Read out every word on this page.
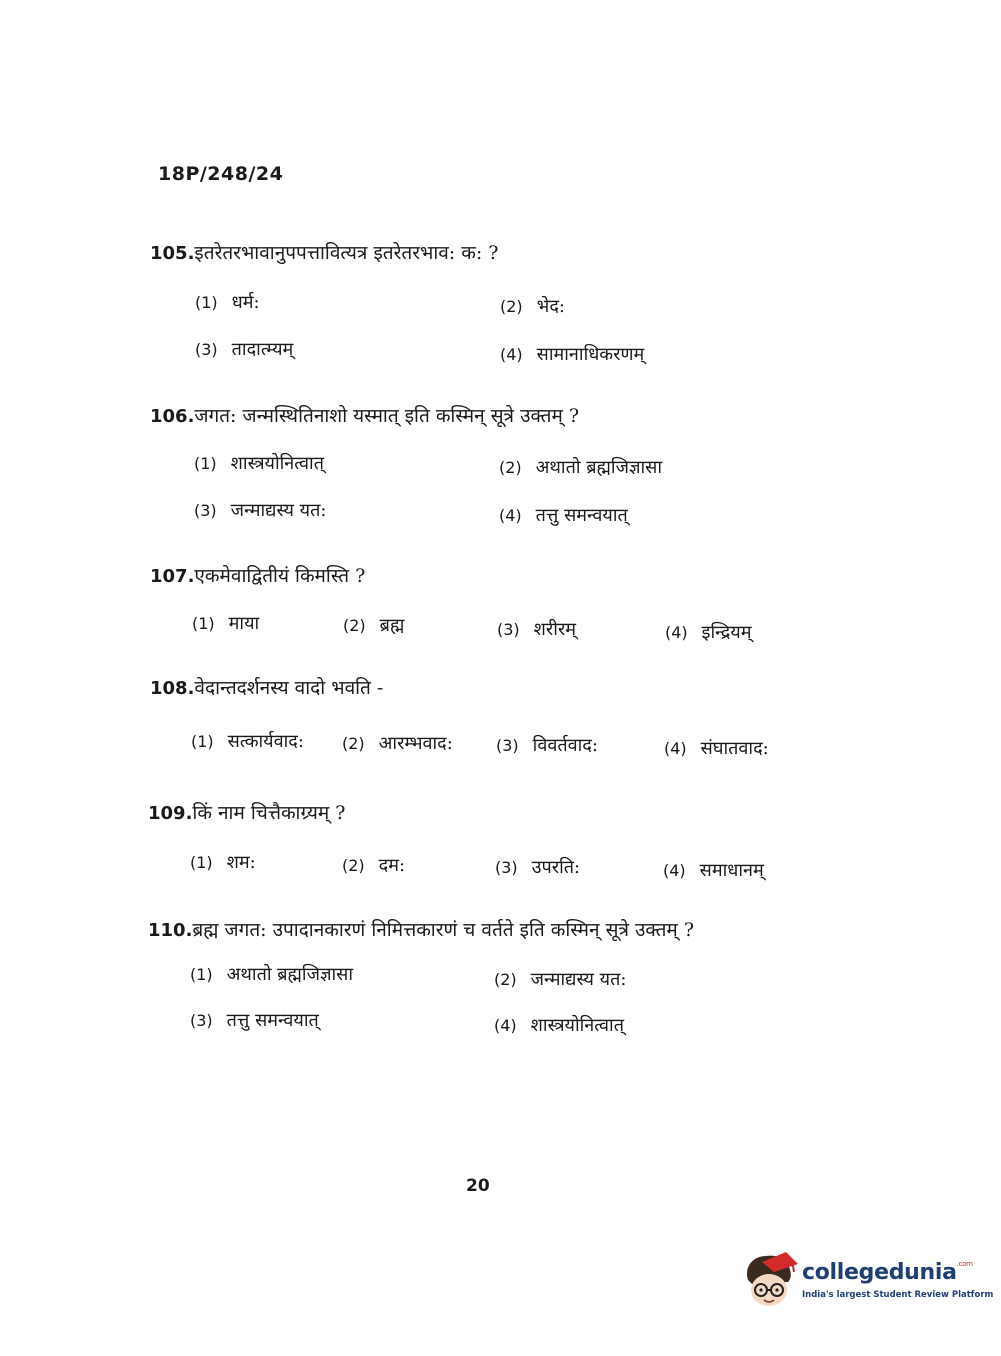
18P/248/24
105.इतरेतरभावानुपपत्तावित्यत्र इतरेतरभाव: क: ?
(1) धर्म:	(2) भेद:
(3) तादात्म्यम्	(4) सामानाधिकरणम्
106.जगत: जन्मस्थितिनाशो यस्मात् इति कस्मिन् सूत्रे उक्तम् ?
(1) शास्त्रयोनित्वात्	(2) अथातो ब्रह्मजिज्ञासा
(3) जन्माद्यस्य यत:	(4) तत्तु समन्वयात्
107.एकमेवाद्वितीयं किमस्ति ?
(1) माया	(2) ब्रह्म	(3) शरीरम्	(4) इन्द्रियम्
108.वेदान्तदर्शनस्य वादो भवति -
(1) सत्कार्यवाद: (2) आरम्भवाद:	(3) विवर्तवाद:	(4) संघातवाद:
109.किं नाम चित्तैकाग्र्यम् ?
(1) शम:	(2) दम:	(3) उपरति:	(4) समाधानम्
110.ब्रह्म जगत: उपादानकारणं निमित्तकारणं च वर्तते इति कस्मिन् सूत्रे उक्तम् ?
(1) अथातो ब्रह्मजिज्ञासा	(2) जन्माद्यस्य यत:
(3) तत्तु समन्वयात्	(4) शास्त्रयोनित्वात्
20
collegedunia$^{.com}$
India's largest Student Review Platform
